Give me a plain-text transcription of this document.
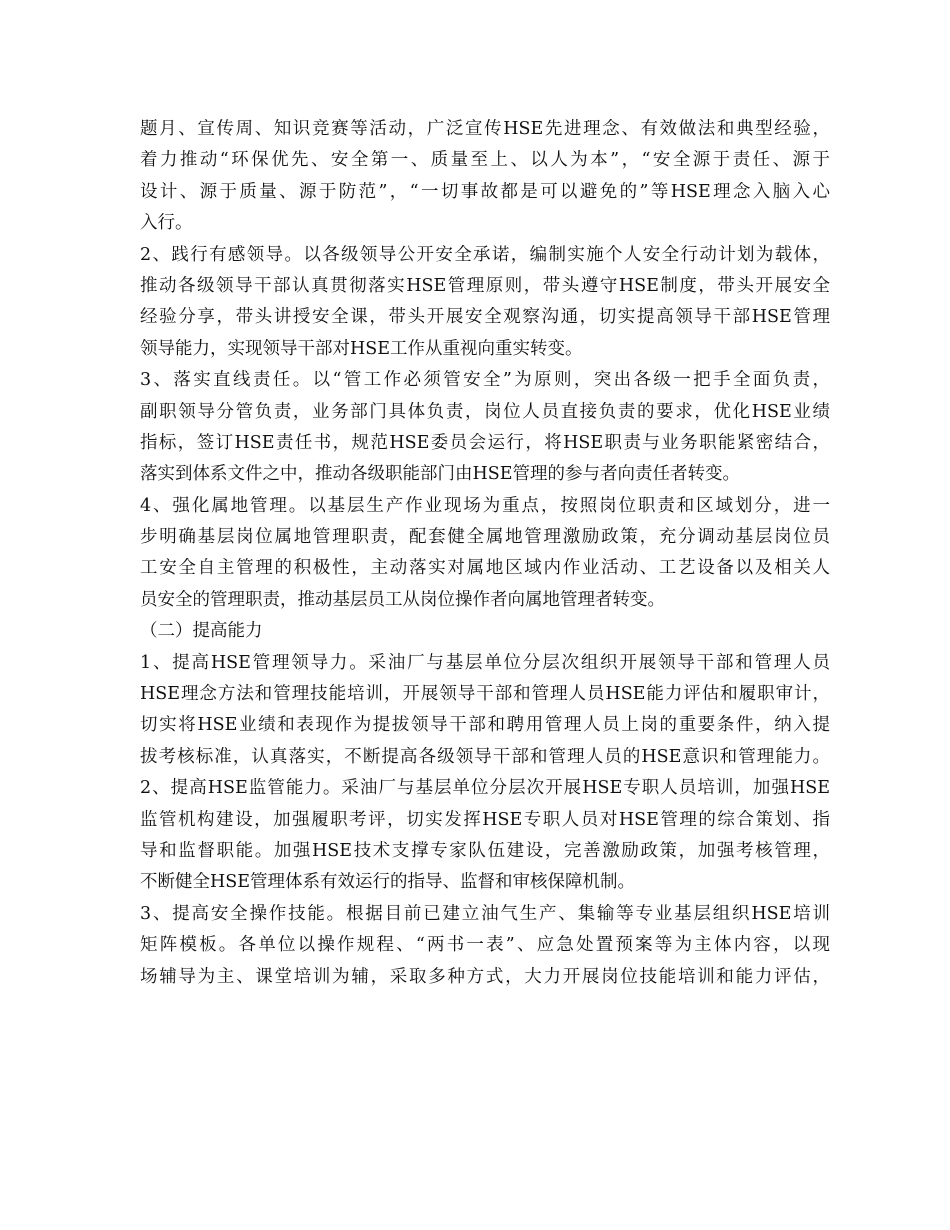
题月、宣传周、知识竞赛等活动，广泛宣传HSE先进理念、有效做法和典型经验，
着力推动“环保优先、安全第一、质量至上、以人为本”，“安全源于责任、源于
设计、源于质量、源于防范”，“一切事故都是可以避免的”等HSE理念入脑入心
入行。
2、践行有感领导。以各级领导公开安全承诺，编制实施个人安全行动计划为载体，
推动各级领导干部认真贯彻落实HSE管理原则，带头遵守HSE制度，带头开展安全
经验分享，带头讲授安全课，带头开展安全观察沟通，切实提高领导干部HSE管理
领导能力，实现领导干部对HSE工作从重视向重实转变。
3、落实直线责任。以“管工作必须管安全”为原则，突出各级一把手全面负责，
副职领导分管负责，业务部门具体负责，岗位人员直接负责的要求，优化HSE业绩
指标，签订HSE责任书，规范HSE委员会运行，将HSE职责与业务职能紧密结合，
落实到体系文件之中，推动各级职能部门由HSE管理的参与者向责任者转变。
4、强化属地管理。以基层生产作业现场为重点，按照岗位职责和区域划分，进一
步明确基层岗位属地管理职责，配套健全属地管理激励政策，充分调动基层岗位员
工安全自主管理的积极性，主动落实对属地区域内作业活动、工艺设备以及相关人
员安全的管理职责，推动基层员工从岗位操作者向属地管理者转变。
（二）提高能力
1、提高HSE管理领导力。采油厂与基层单位分层次组织开展领导干部和管理人员
HSE理念方法和管理技能培训，开展领导干部和管理人员HSE能力评估和履职审计，
切实将HSE业绩和表现作为提拔领导干部和聘用管理人员上岗的重要条件，纳入提
拔考核标准，认真落实，不断提高各级领导干部和管理人员的HSE意识和管理能力。
2、提高HSE监管能力。采油厂与基层单位分层次开展HSE专职人员培训，加强HSE
监管机构建设，加强履职考评，切实发挥HSE专职人员对HSE管理的综合策划、指
导和监督职能。加强HSE技术支撑专家队伍建设，完善激励政策，加强考核管理，
不断健全HSE管理体系有效运行的指导、监督和审核保障机制。
3、提高安全操作技能。根据目前已建立油气生产、集输等专业基层组织HSE培训
矩阵模板。各单位以操作规程、“两书一表”、应急处置预案等为主体内容，以现
场辅导为主、课堂培训为辅，采取多种方式，大力开展岗位技能培训和能力评估，
